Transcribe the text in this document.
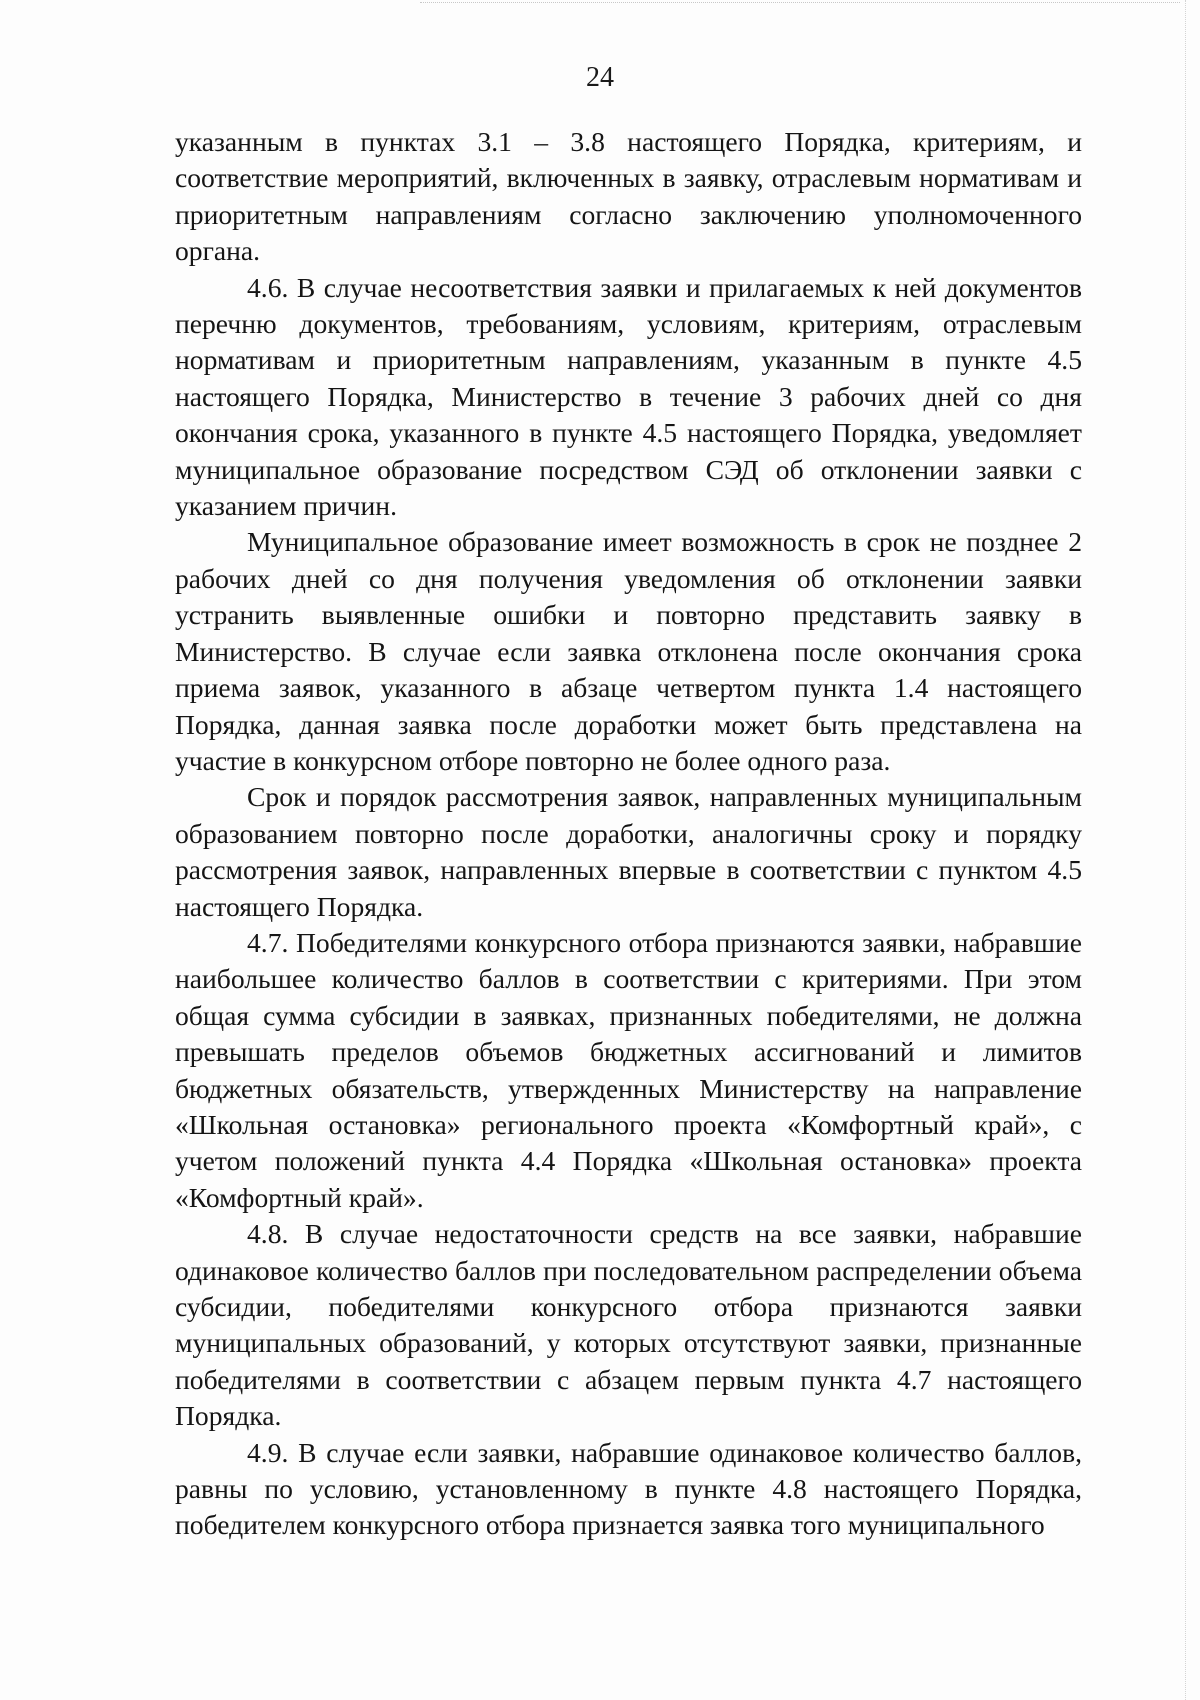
24

указанным в пунктах 3.1 – 3.8 настоящего Порядка, критериям, и соответствие мероприятий, включенных в заявку, отраслевым нормативам и приоритетным направлениям согласно заключению уполномоченного органа.

4.6. В случае несоответствия заявки и прилагаемых к ней документов перечню документов, требованиям, условиям, критериям, отраслевым нормативам и приоритетным направлениям, указанным в пункте 4.5 настоящего Порядка, Министерство в течение 3 рабочих дней со дня окончания срока, указанного в пункте 4.5 настоящего Порядка, уведомляет муниципальное образование посредством СЭД об отклонении заявки с указанием причин.

Муниципальное образование имеет возможность в срок не позднее 2 рабочих дней со дня получения уведомления об отклонении заявки устранить выявленные ошибки и повторно представить заявку в Министерство. В случае если заявка отклонена после окончания срока приема заявок, указанного в абзаце четвертом пункта 1.4 настоящего Порядка, данная заявка после доработки может быть представлена на участие в конкурсном отборе повторно не более одного раза.

Срок и порядок рассмотрения заявок, направленных муниципальным образованием повторно после доработки, аналогичны сроку и порядку рассмотрения заявок, направленных впервые в соответствии с пунктом 4.5 настоящего Порядка.

4.7. Победителями конкурсного отбора признаются заявки, набравшие наибольшее количество баллов в соответствии с критериями. При этом общая сумма субсидии в заявках, признанных победителями, не должна превышать пределов объемов бюджетных ассигнований и лимитов бюджетных обязательств, утвержденных Министерству на направление «Школьная остановка» регионального проекта «Комфортный край», с учетом положений пункта 4.4 Порядка «Школьная остановка» проекта «Комфортный край».

4.8. В случае недостаточности средств на все заявки, набравшие одинаковое количество баллов при последовательном распределении объема субсидии, победителями конкурсного отбора признаются заявки муниципальных образований, у которых отсутствуют заявки, признанные победителями в соответствии с абзацем первым пункта 4.7 настоящего Порядка.

4.9. В случае если заявки, набравшие одинаковое количество баллов, равны по условию, установленному в пункте 4.8 настоящего Порядка, победителем конкурсного отбора признается заявка того муниципального
